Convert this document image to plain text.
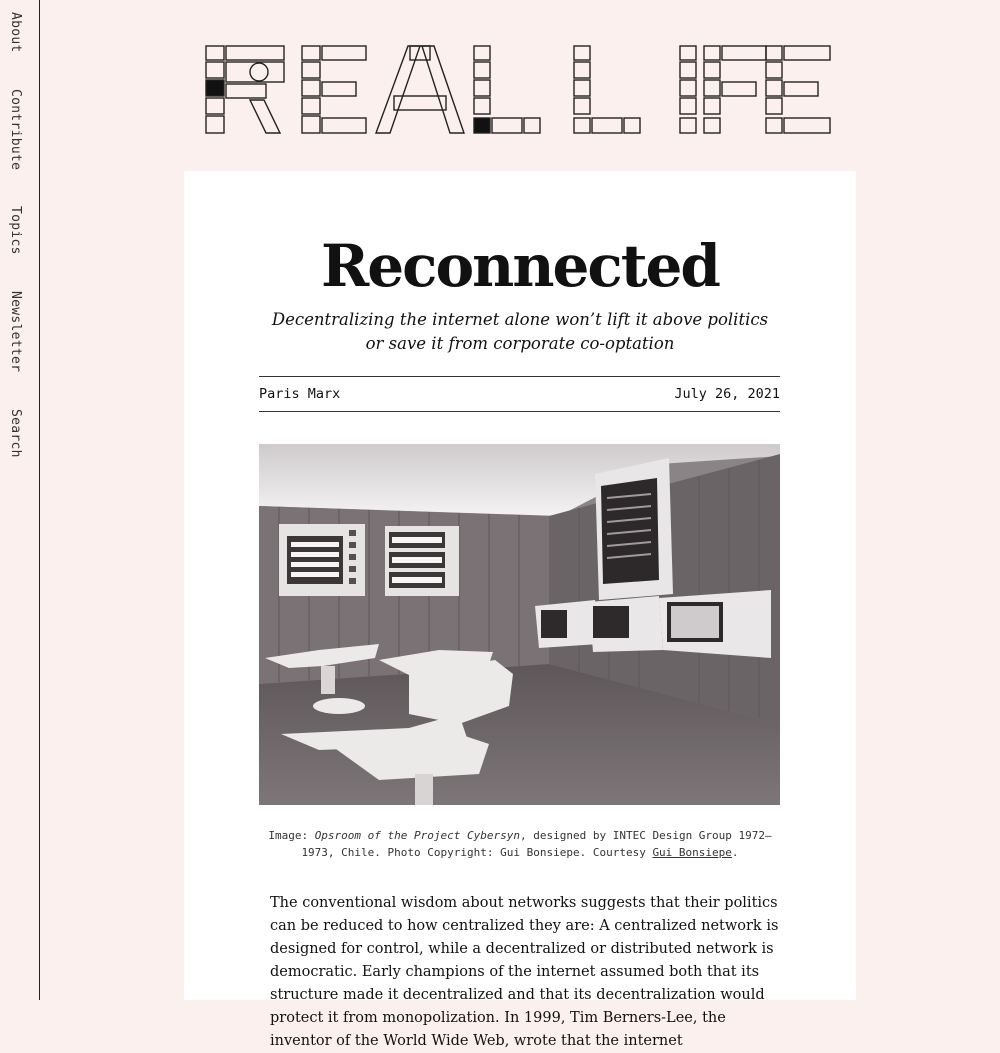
About Contribute Topics Newsletter Search
Reconnected

Decentralizing the internet alone won’t lift it above politics or save it from corporate co-optation

Paris Marx	July 26, 2021

Image: Opsroom of the Project Cybersyn, designed by INTEC Design Group 1972–1973, Chile. Photo Copyright: Gui Bonsiepe. Courtesy Gui Bonsiepe.

The conventional wisdom about networks suggests that their politics can be reduced to how centralized they are: A centralized network is designed for control, while a decentralized or distributed network is democratic. Early champions of the internet assumed both that its structure made it decentralized and that its decentralization would protect it from monopolization. In 1999, Tim Berners-Lee, the inventor of the World Wide Web, wrote that the internet
